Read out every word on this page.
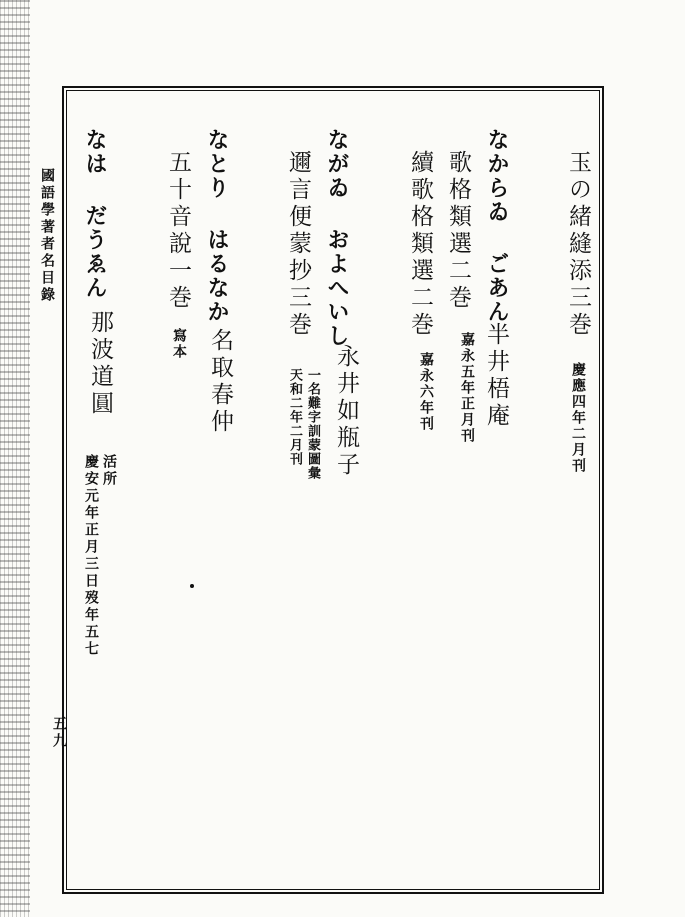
國語學著者名目錄
五九
玉の緒縫添三巻
慶應四年二月刊
なからゐ ごあん
半井梧庵
歌格類選二巻
嘉永五年正月刊
續歌格類選二巻
嘉永六年刊
ながゐ およへいし
永井如瓶子
邇言便蒙抄三巻
一名難字訓蒙圖彙
天和二年二月刊
なとり はるなか
名取春仲
五十音說一巻
寫本
なは だうゑん
那波道圓
活所
慶安元年正月三日歿年五七
